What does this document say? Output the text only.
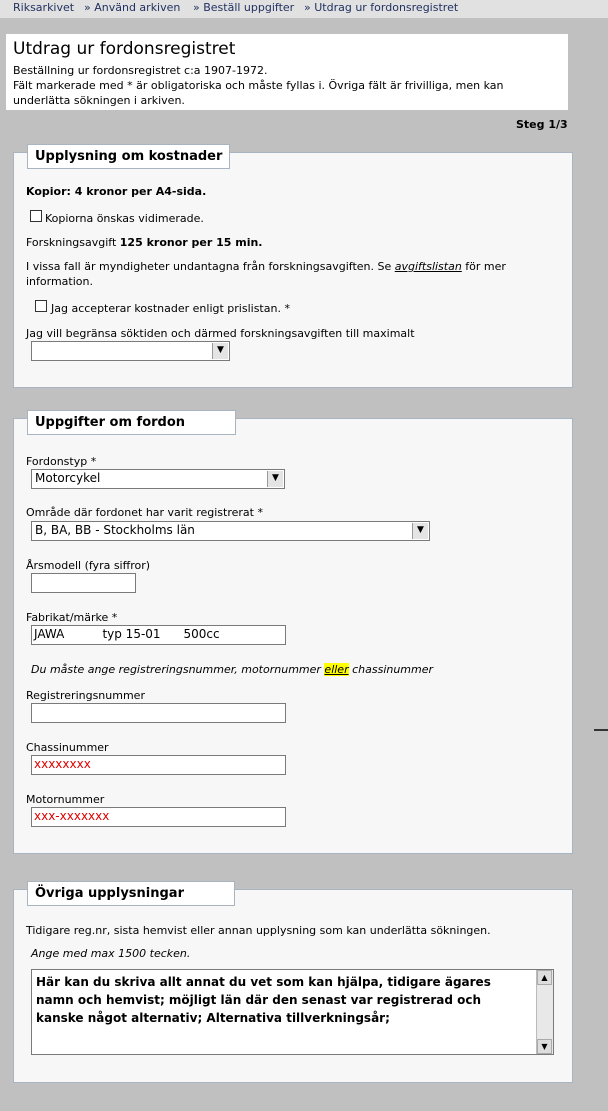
Riksarkivet » Använd arkiven » Beställ uppgifter » Utdrag ur fordonsregistret
Utdrag ur fordonsregistret
Beställning ur fordonsregistret c:a 1907-1972.
Fält markerade med * är obligatoriska och måste fyllas i. Övriga fält är frivilliga, men kan
underlätta sökningen i arkiven.
Steg 1/3
Upplysning om kostnader
Kopior: 4 kronor per A4-sida.
Kopiorna önskas vidimerade.
Forskningsavgift 125 kronor per 15 min.
I vissa fall är myndigheter undantagna från forskningsavgiften. Se avgiftslistan för mer
information.
Jag accepterar kostnader enligt prislistan. *
Jag vill begränsa söktiden och därmed forskningsavgiften till maximalt
▼
Uppgifter om fordon
Fordonstyp *
Motorcykel	▼
Område där fordonet har varit registrerat *
B, BA, BB - Stockholms län	▼
Årsmodell (fyra siffror)
Fabrikat/märke *
JAWA          typ 15-01      500cc
Du måste ange registreringsnummer, motornummer eller chassinummer
Registreringsnummer
Chassinummer
xxxxxxxx
Motornummer
xxx-xxxxxxx
Övriga upplysningar
Tidigare reg.nr, sista hemvist eller annan upplysning som kan underlätta sökningen.
Ange med max 1500 tecken.
Här kan du skriva allt annat du vet som kan hjälpa, tidigare ägares namn och hemvist; möjligt län där den senast var registrerad och kanske något alternativ; Alternativa tillverkningsår;
▲
▼
